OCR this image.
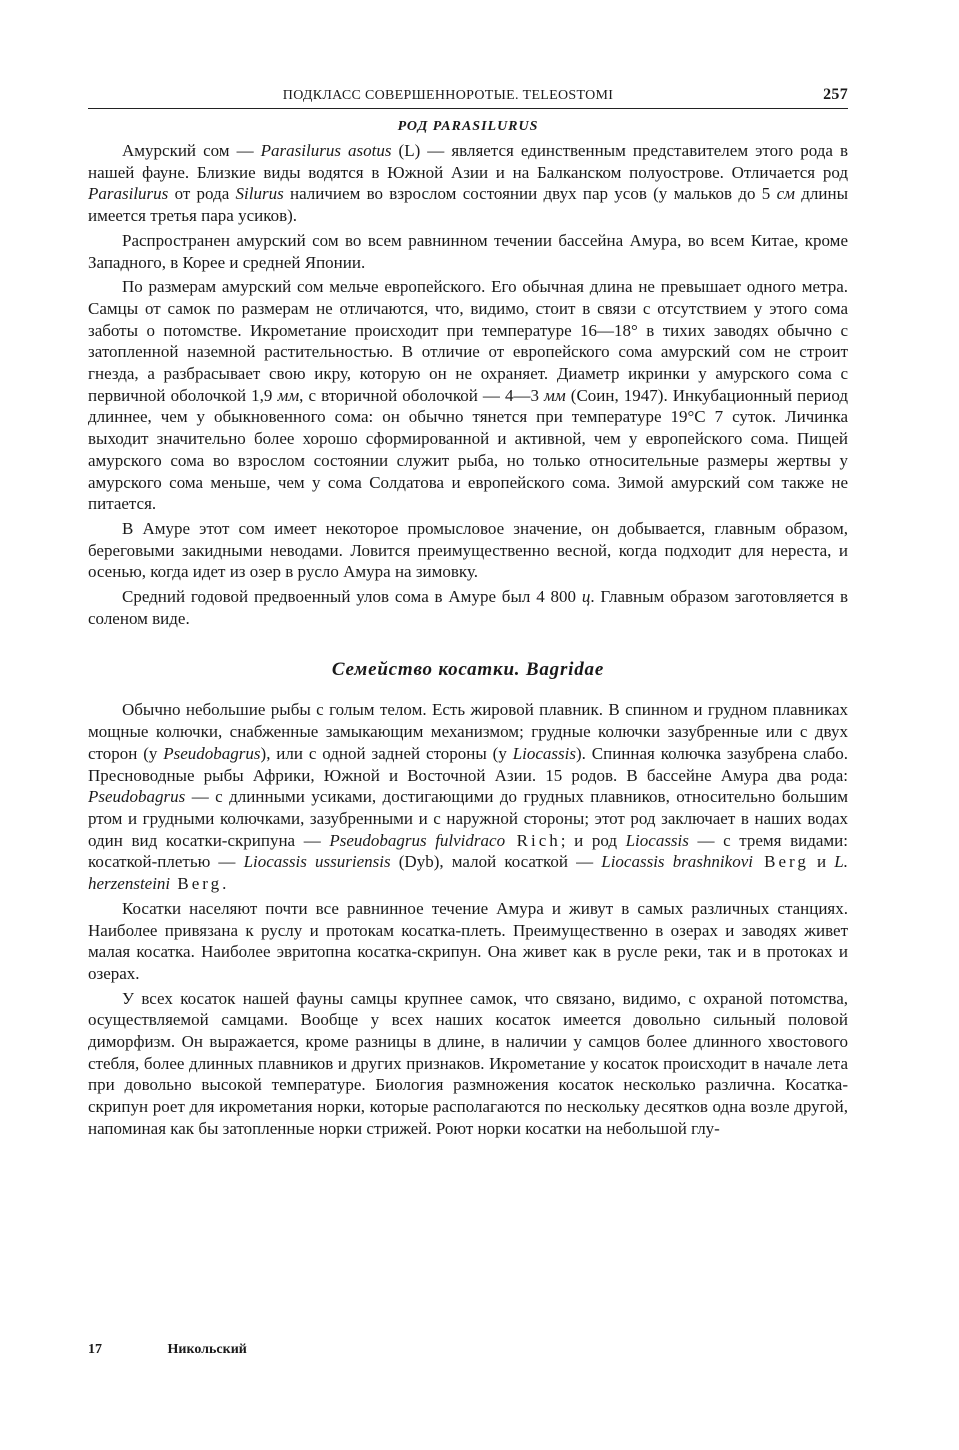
ПОДКЛАСС СОВЕРШЕННОРОТЫЕ. TELEOSTOMI	257
РОД PARASILURUS

Амурский сом — Parasilurus asotus (L) — является единственным представителем этого рода в нашей фауне. Близкие виды водятся в Южной Азии и на Балканском полуострове. Отличается род Parasilurus от рода Silurus наличием во взрослом состоянии двух пар усов (у мальков до 5 см длины имеется третья пара усиков).

Распространен амурский сом во всем равнинном течении бассейна Амура, во всем Китае, кроме Западного, в Корее и средней Японии.

По размерам амурский сом мельче европейского. Его обычная длина не превышает одного метра. Самцы от самок по размерам не отличаются, что, видимо, стоит в связи с отсутствием у этого сома заботы о потомстве. Икрометание происходит при температуре 16—18° в тихих заводях обычно с затопленной наземной растительностью. В отличие от европейского сома амурский сом не строит гнезда, а разбрасывает свою икру, которую он не охраняет. Диаметр икринки у амурского сома с первичной оболочкой 1,9 мм, с вторичной оболочкой — 4—3 мм (Соин, 1947). Инкубационный период длиннее, чем у обыкновенного сома: он обычно тянется при температуре 19°С 7 суток. Личинка выходит значительно более хорошо сформированной и активной, чем у европейского сома. Пищей амурского сома во взрослом состоянии служит рыба, но только относительные размеры жертвы у амурского сома меньше, чем у сома Солдатова и европейского сома. Зимой амурский сом также не питается.

В Амуре этот сом имеет некоторое промысловое значение, он добывается, главным образом, береговыми закидными неводами. Ловится преимущественно весной, когда подходит для нереста, и осенью, когда идет из озер в русло Амура на зимовку.

Средний годовой предвоенный улов сома в Амуре был 4 800 ц. Главным образом заготовляется в соленом виде.

Семейство косатки. Bagridae

Обычно небольшие рыбы с голым телом. Есть жировой плавник. В спинном и грудном плавниках мощные колючки, снабженные замыкающим механизмом; грудные колючки зазубренные или с двух сторон (у Pseudobagrus), или с одной задней стороны (у Liocassis). Спинная колючка зазубрена слабо. Пресноводные рыбы Африки, Южной и Восточной Азии. 15 родов. В бассейне Амура два рода: Pseudobagrus — с длинными усиками, достигающими до грудных плавников, относительно большим ртом и грудными колючками, зазубренными и с наружной стороны; этот род заключает в наших водах один вид косатки-скрипуна — Pseudobagrus fulvidraco Rich; и род Liocassis — с тремя видами: косаткой-плетью — Liocassis ussuriensis (Dyb), малой косаткой — Liocassis brashnikovi Berg и L. herzensteini Berg.

Косатки населяют почти все равнинное течение Амура и живут в самых различных станциях. Наиболее привязана к руслу и протокам косатка-плеть. Преимущественно в озерах и заводях живет малая косатка. Наиболее эвритопна косатка-скрипун. Она живет как в русле реки, так и в протоках и озерах.

У всех косаток нашей фауны самцы крупнее самок, что связано, видимо, с охраной потомства, осуществляемой самцами. Вообще у всех наших косаток имеется довольно сильный половой диморфизм. Он выражается, кроме разницы в длине, в наличии у самцов более длинного хвостового стебля, более длинных плавников и других признаков. Икрометание у косаток происходит в начале лета при довольно высокой температуре. Биология размножения косаток несколько различна. Косатка-скрипун роет для икрометания норки, которые располагаются по нескольку десятков одна возле другой, напоминая как бы затопленные норки стрижей. Роют норки косатки на небольшой глу-

17	Никольский
